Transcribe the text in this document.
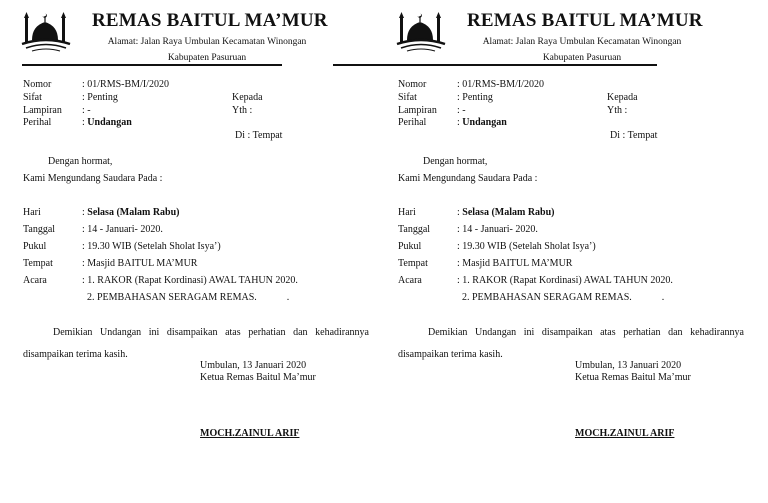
REMAS BAITUL MA’MUR
Alamat: Jalan Raya Umbulan Kecamatan Winongan
Kabupaten Pasuruan
Nomor	: 01/RMS-BM/I/2020
Sifat	: Penting
Lampiran : -
Perihal	: Undangan
Kepada
Yth :
Di : Tempat
Dengan hormat,
Kami Mengundang Saudara Pada :
Hari	: Selasa (Malam Rabu)
Tanggal	: 14 - Januari- 2020.
Pukul	: 19.30 WIB (Setelah Sholat Isya’)
Tempat	: Masjid BAITUL MA’MUR
Acara	: 1. RAKOR (Rapat Kordinasi) AWAL TAHUN 2020.
2. PEMBAHASAN SERAGAM REMAS.            .
Demikian Undangan ini disampaikan atas perhatian dan kehadirannya disampaikan terima kasih.
Umbulan, 13 Januari 2020
Ketua Remas Baitul Ma’mur
MOCH.ZAINUL ARIF
REMAS BAITUL MA’MUR
Alamat: Jalan Raya Umbulan Kecamatan Winongan
Kabupaten Pasuruan
Nomor	: 01/RMS-BM/I/2020
Sifat	: Penting
Lampiran : -
Perihal	: Undangan
Kepada
Yth :
Di : Tempat
Dengan hormat,
Kami Mengundang Saudara Pada :
Hari	: Selasa (Malam Rabu)
Tanggal	: 14 - Januari- 2020.
Pukul	: 19.30 WIB (Setelah Sholat Isya’)
Tempat	: Masjid BAITUL MA’MUR
Acara	: 1. RAKOR (Rapat Kordinasi) AWAL TAHUN 2020.
2. PEMBAHASAN SERAGAM REMAS.            .
Demikian Undangan ini disampaikan atas perhatian dan kehadirannya disampaikan terima kasih.
Umbulan, 13 Januari 2020
Ketua Remas Baitul Ma’mur
MOCH.ZAINUL ARIF
